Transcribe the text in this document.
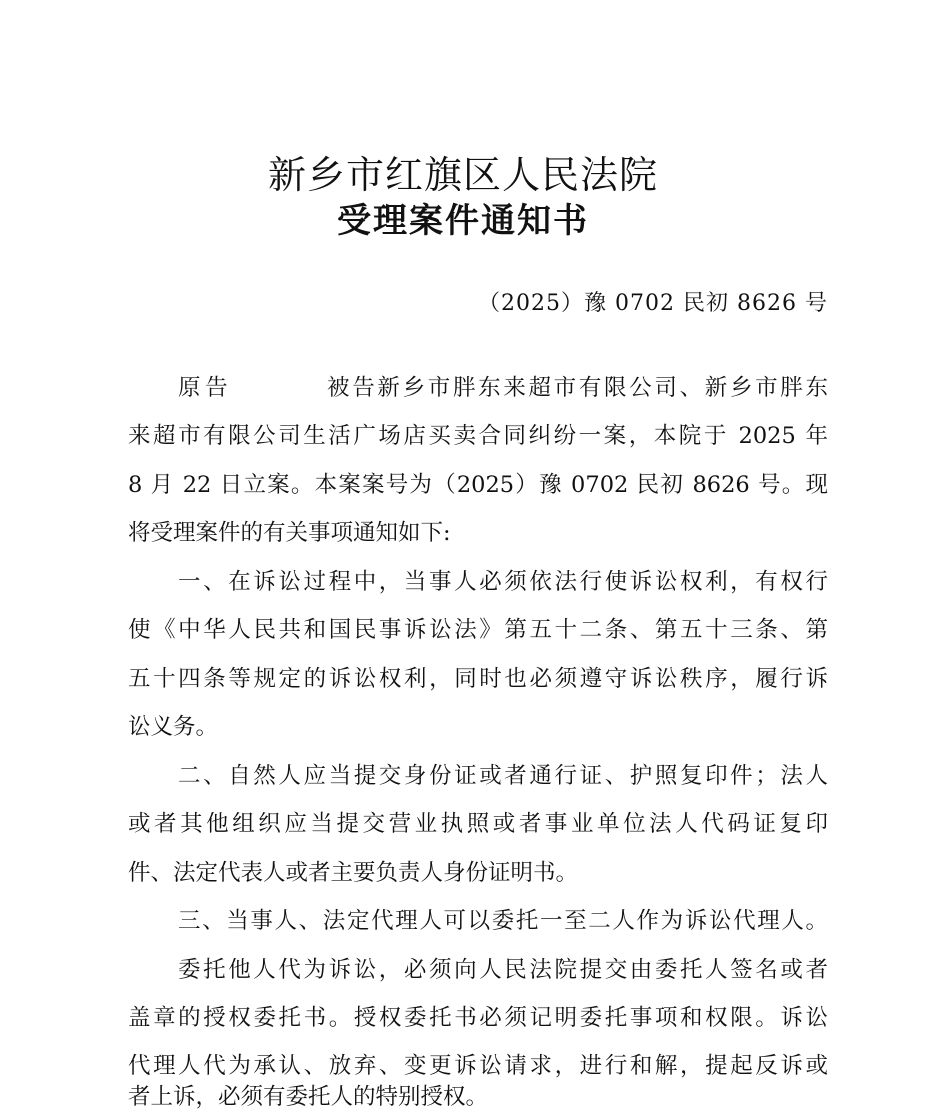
新乡市红旗区人民法院
受理案件通知书
（2025）豫 0702 民初 8626 号
原告	被告新乡市胖东来超市有限公司、新乡市胖东
来超市有限公司生活广场店买卖合同纠纷一案，本院于 2025 年
8 月 22 日立案。本案案号为（2025）豫 0702 民初 8626 号。现
将受理案件的有关事项通知如下:
一、在诉讼过程中，当事人必须依法行使诉讼权利，有权行
使《中华人民共和国民事诉讼法》第五十二条、第五十三条、第
五十四条等规定的诉讼权利，同时也必须遵守诉讼秩序，履行诉
讼义务。
二、自然人应当提交身份证或者通行证、护照复印件；法人
或者其他组织应当提交营业执照或者事业单位法人代码证复印
件、法定代表人或者主要负责人身份证明书。
三、当事人、法定代理人可以委托一至二人作为诉讼代理人。
委托他人代为诉讼，必须向人民法院提交由委托人签名或者
盖章的授权委托书。授权委托书必须记明委托事项和权限。诉讼
代理人代为承认、放弃、变更诉讼请求，进行和解，提起反诉或
者上诉，必须有委托人的特别授权。
